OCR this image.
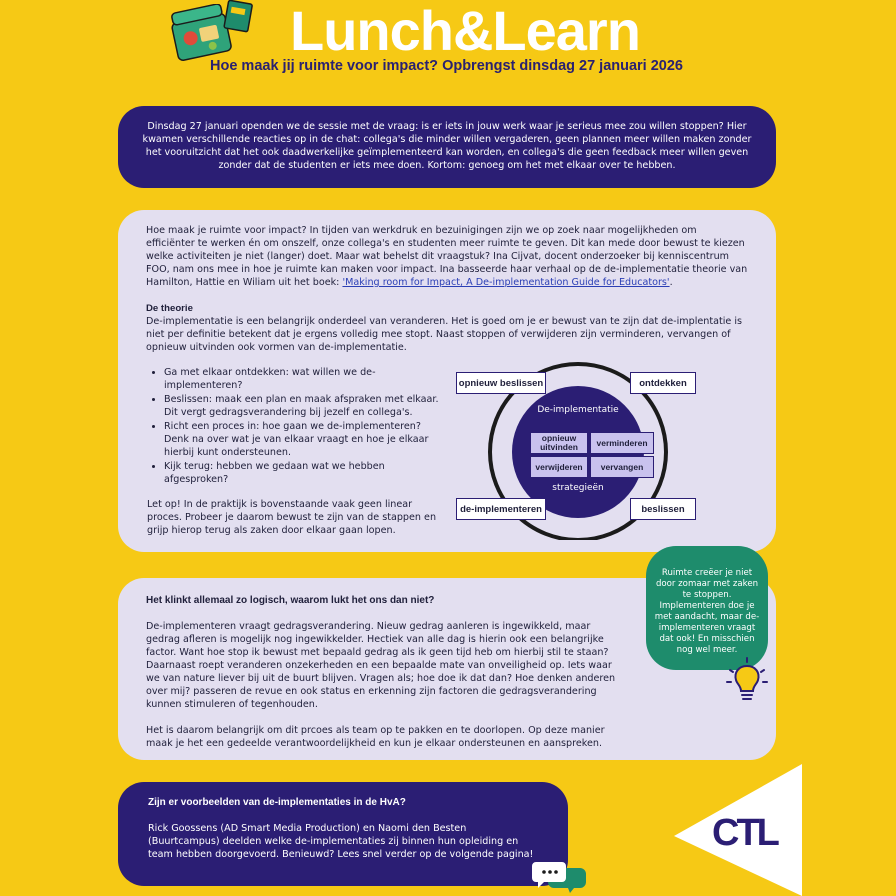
Lunch&Learn
Hoe maak jij ruimte voor impact? Opbrengst dinsdag 27 januari 2026
Dinsdag 27 januari openden we de sessie met de vraag: is er iets in jouw werk waar je serieus mee zou willen stoppen? Hier kwamen verschillende reacties op in de chat: collega's die minder willen vergaderen, geen plannen meer willen maken zonder het vooruitzicht dat het ook daadwerkelijke geïmplementeerd kan worden, en collega's die geen feedback meer willen geven zonder dat de studenten er iets mee doen. Kortom: genoeg om het met elkaar over te hebben.

Hoe maak je ruimte voor impact? In tijden van werkdruk en bezuinigingen zijn we op zoek naar mogelijkheden om efficiënter te werken én om onszelf, onze collega's en studenten meer ruimte te geven. Dit kan mede door bewust te kiezen welke activiteiten je niet (langer) doet. Maar wat behelst dit vraagstuk? Ina Cijvat, docent onderzoeker bij kenniscentrum FOO, nam ons mee in hoe je ruimte kan maken voor impact. Ina basseerde haar verhaal op de de-implementatie theorie van Hamilton, Hattie en Wiliam uit het boek: 'Making room for Impact, A De-implementation Guide for Educators'.

De theorie
De-implementatie is een belangrijk onderdeel van veranderen. Het is goed om je er bewust van te zijn dat de-implentatie is niet per definitie betekent dat je ergens volledig mee stopt. Naast stoppen of verwijderen zijn verminderen, vervangen of opnieuw uitvinden ook vormen van de-implementatie.
• Ga met elkaar ontdekken: wat willen we de-implementeren?
• Beslissen: maak een plan en maak afspraken met elkaar. Dit vergt gedragsverandering bij jezelf en collega's.
• Richt een proces in: hoe gaan we de-implementeren? Denk na over wat je van elkaar vraagt en hoe je elkaar hierbij kunt ondersteunen.
• Kijk terug: hebben we gedaan wat we hebben afgesproken?
Let op! In de praktijk is bovenstaande vaak geen linear proces. Probeer je daarom bewust te zijn van de stappen en grijp hierop terug als zaken door elkaar gaan lopen.
De-implementatie
strategieën
opnieuw uitvinden	verminderen
verwijderen	vervangen
opnieuw beslissen	ontdekken
de-implementeren	beslissen

Het klinkt allemaal zo logisch, waarom lukt het ons dan niet?

De-implementeren vraagt gedragsverandering. Nieuw gedrag aanleren is ingewikkeld, maar gedrag afleren is mogelijk nog ingewikkelder. Hectiek van alle dag is hierin ook een belangrijke factor. Want hoe stop ik bewust met bepaald gedrag als ik geen tijd heb om hierbij stil te staan? Daarnaast roept veranderen onzekerheden en een bepaalde mate van onveiligheid op. Iets waar we van nature liever bij uit de buurt blijven. Vragen als; hoe doe ik dat dan? Hoe denken anderen over mij? passeren de revue en ook status en erkenning zijn factoren die gedragsverandering kunnen stimuleren of tegenhouden.

Het is daarom belangrijk om dit prcoes als team op te pakken en te doorlopen. Op deze manier maak je het een gedeelde verantwoordelijkheid en kun je elkaar ondersteunen en aanspreken.

Ruimte creëer je niet door zomaar met zaken te stoppen. Implementeren doe je met aandacht, maar de-implementeren vraagt dat ook! En misschien nog wel meer.

Zijn er voorbeelden van de-implementaties in de HvA?

Rick Goossens (AD Smart Media Production) en Naomi den Besten (Buurtcampus) deelden welke de-implementaties zij binnen hun opleiding en team hebben doorgevoerd. Benieuwd? Lees snel verder op de volgende pagina!

CTL
